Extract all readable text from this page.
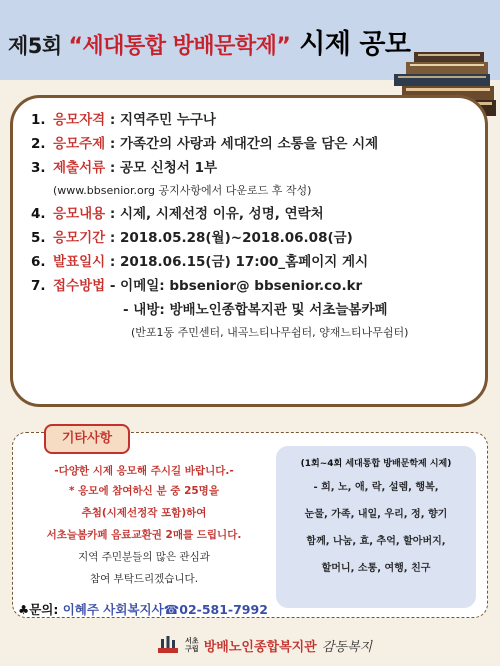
제5회 “세대통합 방배문학제” 시제 공모
1. 응모자격 : 지역주민 누구나
2. 응모주제 : 가족간의 사랑과 세대간의 소통을 담은 시제
3. 제출서류 : 공모 신청서 1부
(www.bbsenior.org 공지사항에서 다운로드 후 작성)
4. 응모내용 : 시제, 시제선정 이유, 성명, 연락처
5. 응모기간 : 2018.05.28(월)~2018.06.08(금)
6. 발표일시 : 2018.06.15(금) 17:00_홈페이지 게시
7. 접수방법 - 이메일: bbsenior@ bbsenior.co.kr
- 내방: 방배노인종합복지관 및 서초늘봄카페
(반포1동 주민센터, 내곡느티나무쉼터, 양재느티나무쉼터)
기타사항
-다양한 시제 응모해 주시길 바랍니다.-
* 응모에 참여하신 분 중 25명을
추첨(시제선정작 포함)하여
서초늘봄카페 음료교환권 2매를 드립니다.
지역 주민분들의 많은 관심과
참여 부탁드리겠습니다.
♣문의: 이혜주 사회복지사☎02-581-7992
(1회~4회 세대통합 방배문학제 시제)
- 희, 노, 애, 락, 설렘, 행복,
눈물, 가족, 내일, 우리, 정, 향기
함께, 나눔, 효, 추억, 할아버지,
할머니, 소통, 여행, 친구
서초
구립 방배노인종합복지관 감동복지
